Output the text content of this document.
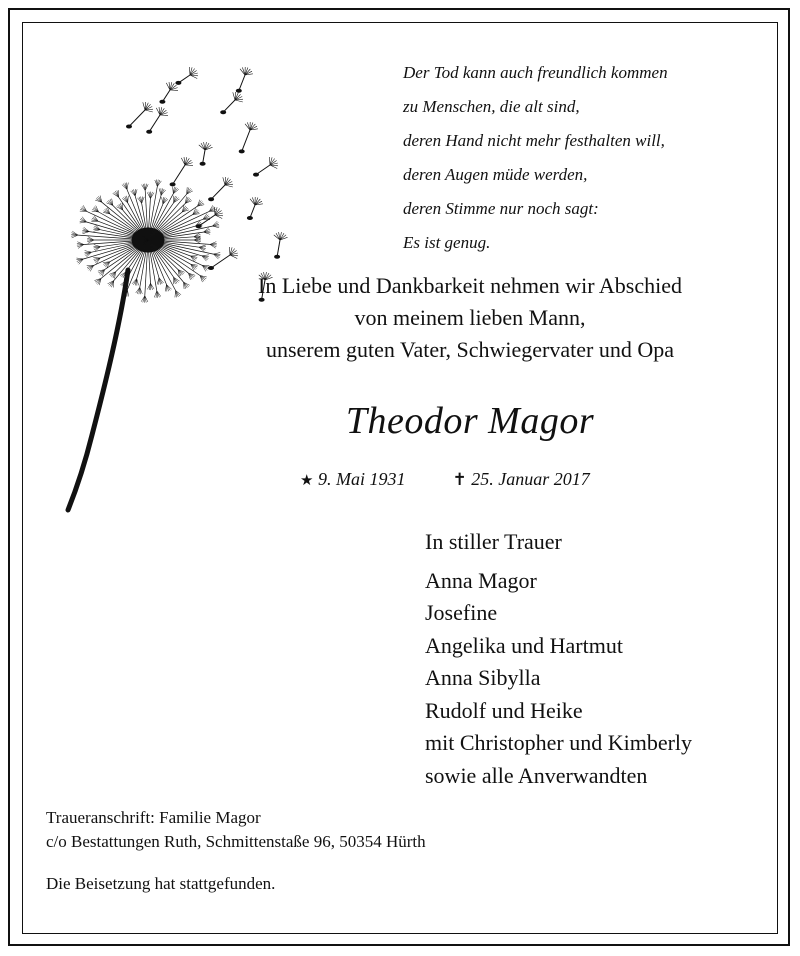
Der Tod kann auch freundlich kommen
zu Menschen, die alt sind,
deren Hand nicht mehr festhalten will,
deren Augen müde werden,
deren Stimme nur noch sagt:
Es ist genug.
In Liebe und Dankbarkeit nehmen wir Abschied
von meinem lieben Mann,
unserem guten Vater, Schwiegervater und Opa
Theodor Magor
★ 9. Mai 1931	✝ 25. Januar 2017
In stiller Trauer
Anna Magor
Josefine
Angelika und Hartmut
Anna Sibylla
Rudolf und Heike
mit Christopher und Kimberly
sowie alle Anverwandten
Traueranschrift: Familie Magor
c/o Bestattungen Ruth, Schmittenstaße 96, 50354 Hürth
Die Beisetzung hat stattgefunden.
